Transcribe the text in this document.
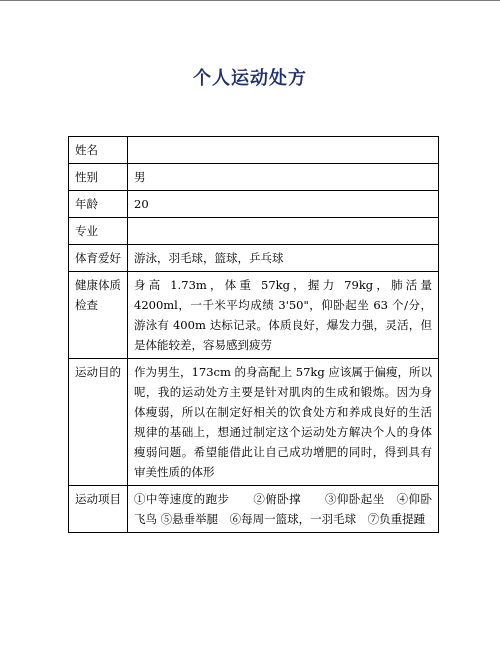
个人运动处方
姓名	
性别	男
年龄	20
专业	
体育爱好	游泳，羽毛球，篮球，乒乓球
健康体质检查	身高 1.73m，体重 57kg，握力 79kg，肺活量 4200ml，一千米平均成绩 3'50"，仰卧起坐 63 个/分，游泳有 400m 达标记录。体质良好，爆发力强，灵活，但是体能较差，容易感到疲劳
运动目的	作为男生，173cm 的身高配上 57kg 应该属于偏瘦，所以呢，我的运动处方主要是针对肌肉的生成和锻炼。因为身体瘦弱，所以在制定好相关的饮食处方和养成良好的生活规律的基础上，想通过制定这个运动处方解决个人的身体瘦弱问题。希望能借此让自己成功增肥的同时，得到具有审美性质的体形
运动项目	①中等速度的跑步　　②俯卧撑　　③仰卧起坐　④仰卧飞鸟 ⑤悬垂举腿　⑥每周一篮球，一羽毛球　⑦负重提踵
